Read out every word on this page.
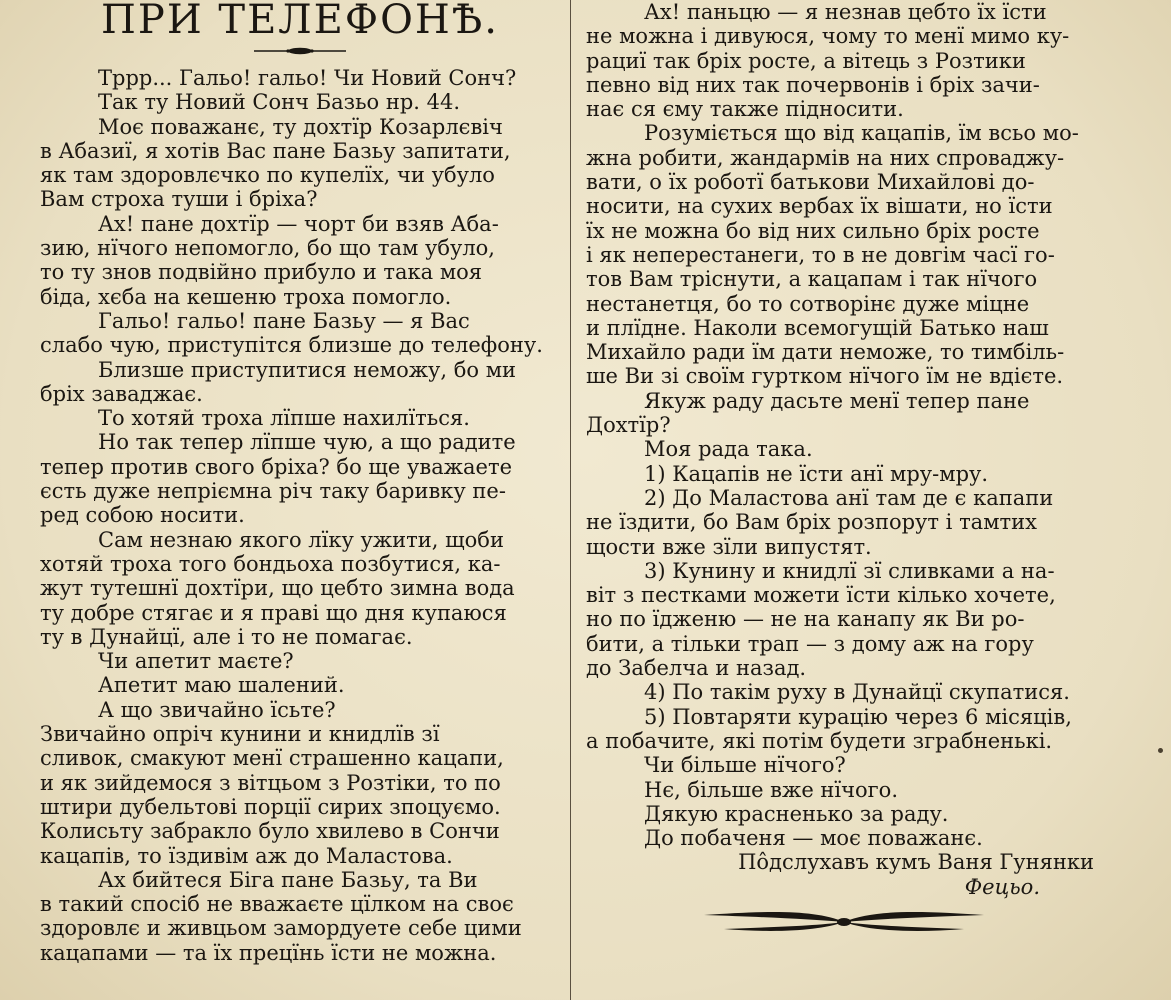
ПРИ ТЕЛЕФОНѢ.

Тррр... Гальо! гальо! Чи Новий Сонч?

Так ту Новий Сонч Базьо нр. 44.

Моє поважанє, ту дохтїр Козарлєвіч
в Абазиї, я хотів Вас пане Базьу запитати,
як там здоровлєчко по купелїх, чи убуло
Вам строха туши і бріха?

Ах! пане дохтїр — чорт би взяв Аба-
зию, нїчого непомогло, бо що там убуло,
то ту знов подвійно прибуло и така моя
біда, хєба на кешеню троха помогло.

Гальо! гальо! пане Базьу — я Вас
слабо чую, приступітся близше до телефону.

Близше приступитися неможу, бо ми
бріх заваджає.

То хотяй троха лїпше нахилїться.

Но так тепер лїпше чую, а що радите
тепер против свого бріха? бо ще уважаете
єсть дуже непріємна річ таку баривку пе-
ред собою носити.

Сам незнаю якого лїку ужити, щоби
хотяй троха того бондьоха позбутися, ка-
жут тутешнї дохтїри, що цебто зимна вода
ту добре стягає и я праві що дня купаюся
ту в Дунайцї, але і то не помагає.

Чи апетит маєте?

Апетит маю шалений.

А що звичайно їсьте?

Звичайно опріч кунини и книдлїв зї
сливок, смакуют менї страшенно кацапи,
и як зийдемося з вітцьом з Розтіки, то по
штири дубельтові порції сирих зпоцуємо.
Колисьту забракло було хвилево в Сончи
кацапів, то їздивім аж до Маластова.

Ах бийтеся Біга пане Базьу, та Ви
в такий спосіб не вважаєте цїлком на своє
здоровлє и живцьом замордуете себе цими
кацапами — та їх прецїнь їсти не можна.

Ах! паньцю — я незнав цебто їх їсти
не можна і дивуюся, чому то менї мимо ку-
рациї так бріх росте, а вітець з Розтики
певно від них так почервонів і бріх зачи-
нає ся єму также підносити.

Розуміється що від кацапів, їм всьо мо-
жна робити, жандармів на них спроваджу-
вати, о їх роботї батькови Михайлові до-
носити, на сухих вербах їх вішати, но їсти
їх не можна бо від них сильно бріх росте
і як неперестанеги, то в не довгім часї го-
тов Вам тріснути, а кацапам і так нїчого
нестанетця, бо то сотворінє дуже міцне
и плїдне. Наколи всемогущій Батько наш
Михайло ради їм дати неможе, то тимбіль-
ше Ви зі своїм гуртком нїчого їм не вдієте.

Якуж раду дасьте менї тепер пане
Дохтїр?

Моя рада така.

1) Кацапів не їсти анї мру-мру.

2) До Маластова анї там де є капапи
не їздити, бо Вам бріх розпорут і тамтих
щости вже зїли випустят.

3) Кунину и книдлї зї сливками а на-
віт з пестками можети їсти кілько хочете,
но по їдженю — не на канапу як Ви ро-
бити, а тільки трап — з дому аж на гору
до Забелча и назад.

4) По такім руху в Дунайцї скупатися.

5) Повтаряти курацію через 6 місяців,
а побачите, які потім будети зграбненькі.

Чи більше нїчого?

Нє, більше вже нїчого.

Дякую красненько за раду.

До побаченя — моє поважанє.

Пôдслухавъ кумъ Ваня Гунянки
Фецьо.
